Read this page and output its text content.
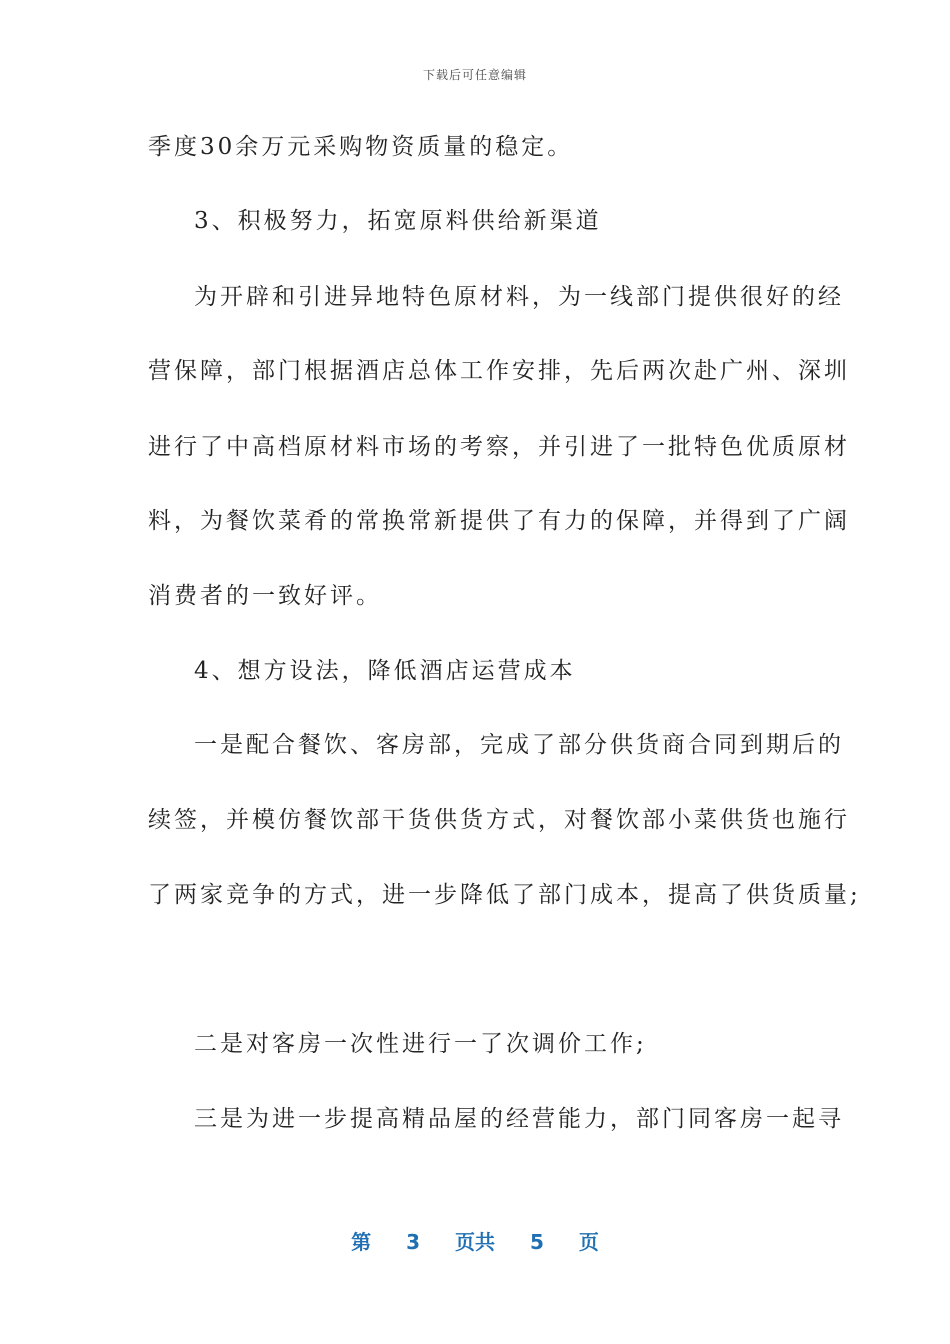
下载后可任意编辑
季度30余万元采购物资质量的稳定。
3、积极努力，拓宽原料供给新渠道
为开辟和引进异地特色原材料，为一线部门提供很好的经
营保障，部门根据酒店总体工作安排，先后两次赴广州、深圳
进行了中高档原材料市场的考察，并引进了一批特色优质原材
料，为餐饮菜肴的常换常新提供了有力的保障，并得到了广阔
消费者的一致好评。
4、想方设法，降低酒店运营成本
一是配合餐饮、客房部，完成了部分供货商合同到期后的
续签，并模仿餐饮部干货供货方式，对餐饮部小菜供货也施行
了两家竞争的方式，进一步降低了部门成本，提高了供货质量;
二是对客房一次性进行一了次调价工作;
三是为进一步提高精品屋的经营能力，部门同客房一起寻
第 3 页共 5 页
